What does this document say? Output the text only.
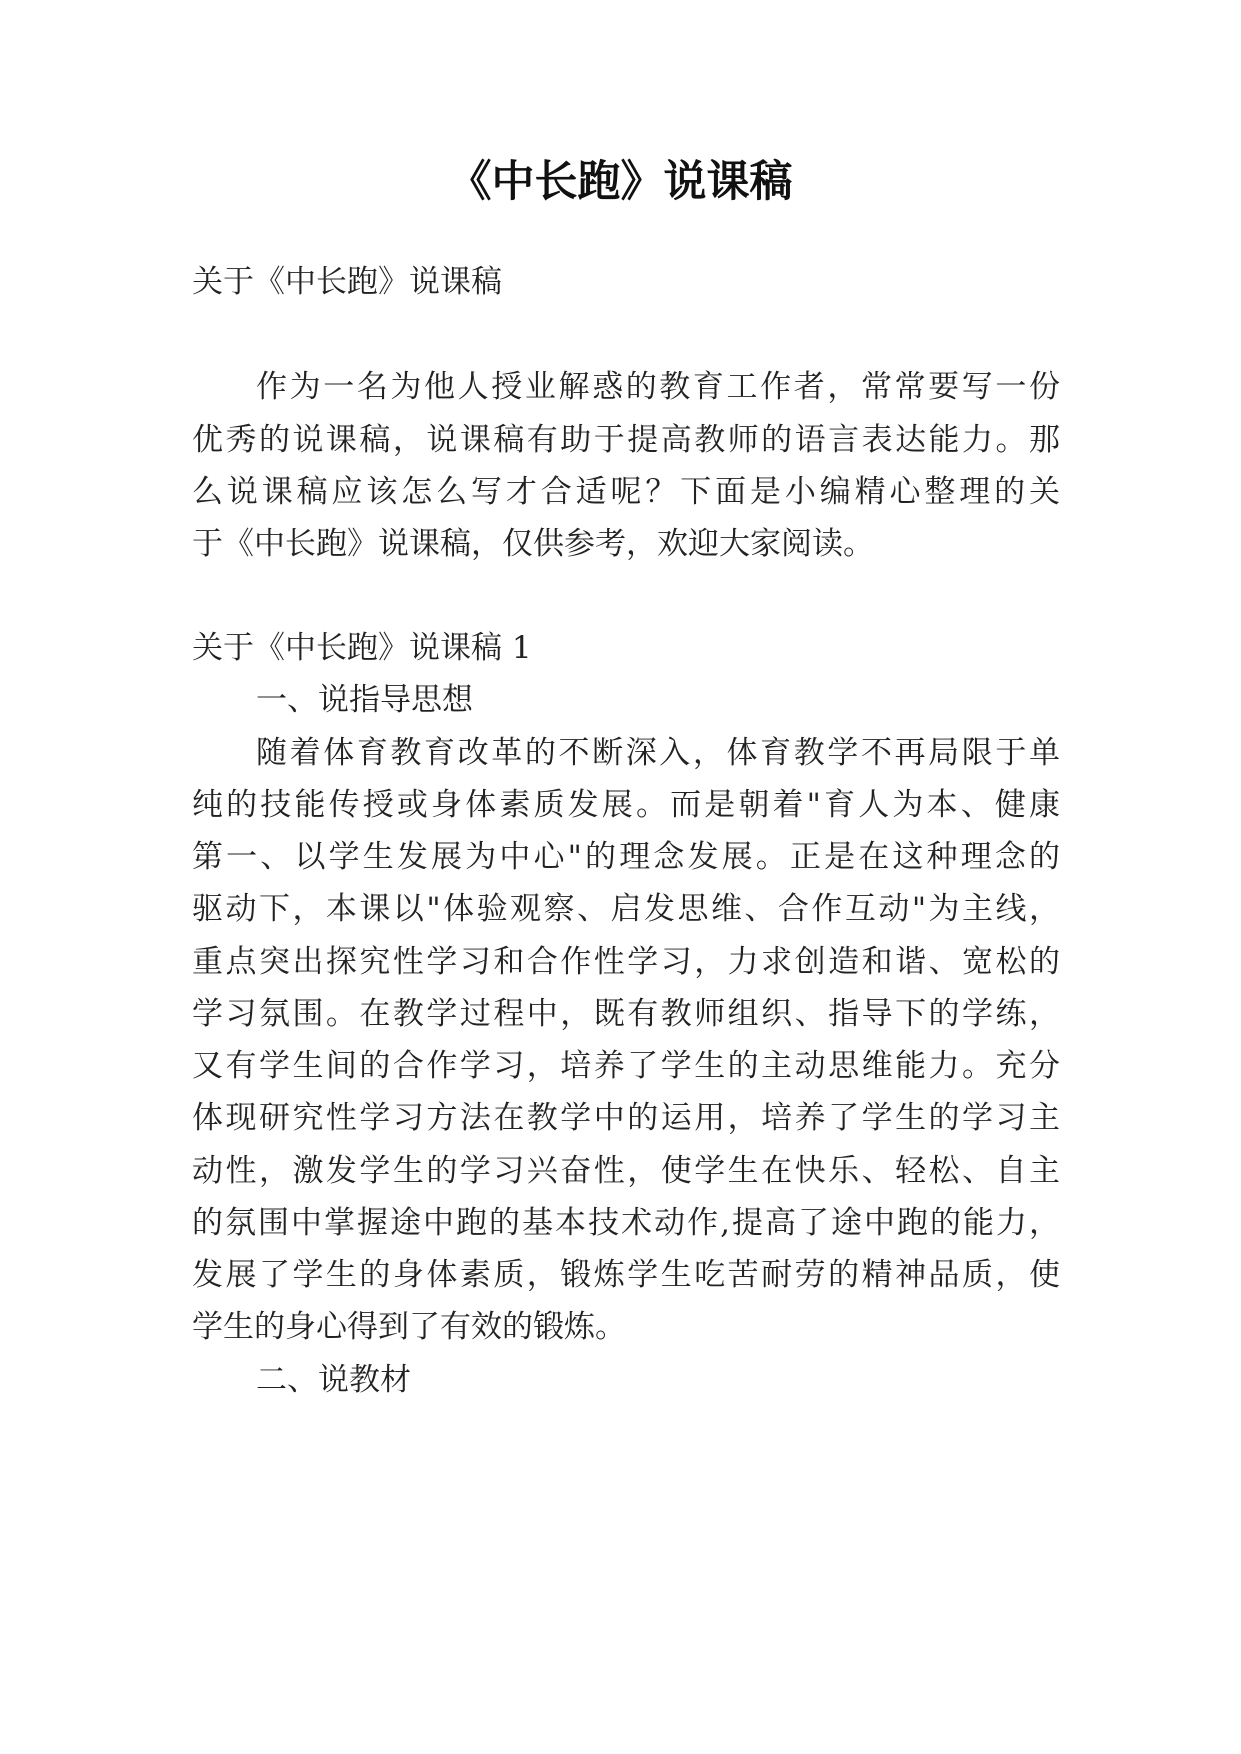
《中长跑》说课稿

关于《中长跑》说课稿

作为一名为他人授业解惑的教育工作者，常常要写一份

优秀的说课稿，说课稿有助于提高教师的语言表达能力。那

么说课稿应该怎么写才合适呢？下面是小编精心整理的关

于《中长跑》说课稿，仅供参考，欢迎大家阅读。

关于《中长跑》说课稿 1

一、说指导思想

随着体育教育改革的不断深入，体育教学不再局限于单

纯的技能传授或身体素质发展。而是朝着"育人为本、健康

第一、以学生发展为中心"的理念发展。正是在这种理念的

驱动下，本课以"体验观察、启发思维、合作互动"为主线，

重点突出探究性学习和合作性学习，力求创造和谐、宽松的

学习氛围。在教学过程中，既有教师组织、指导下的学练，

又有学生间的合作学习，培养了学生的主动思维能力。充分

体现研究性学习方法在教学中的运用，培养了学生的学习主

动性，激发学生的学习兴奋性，使学生在快乐、轻松、自主

的氛围中掌握途中跑的基本技术动作,提高了途中跑的能力，

发展了学生的身体素质，锻炼学生吃苦耐劳的精神品质，使

学生的身心得到了有效的锻炼。

二、说教材
